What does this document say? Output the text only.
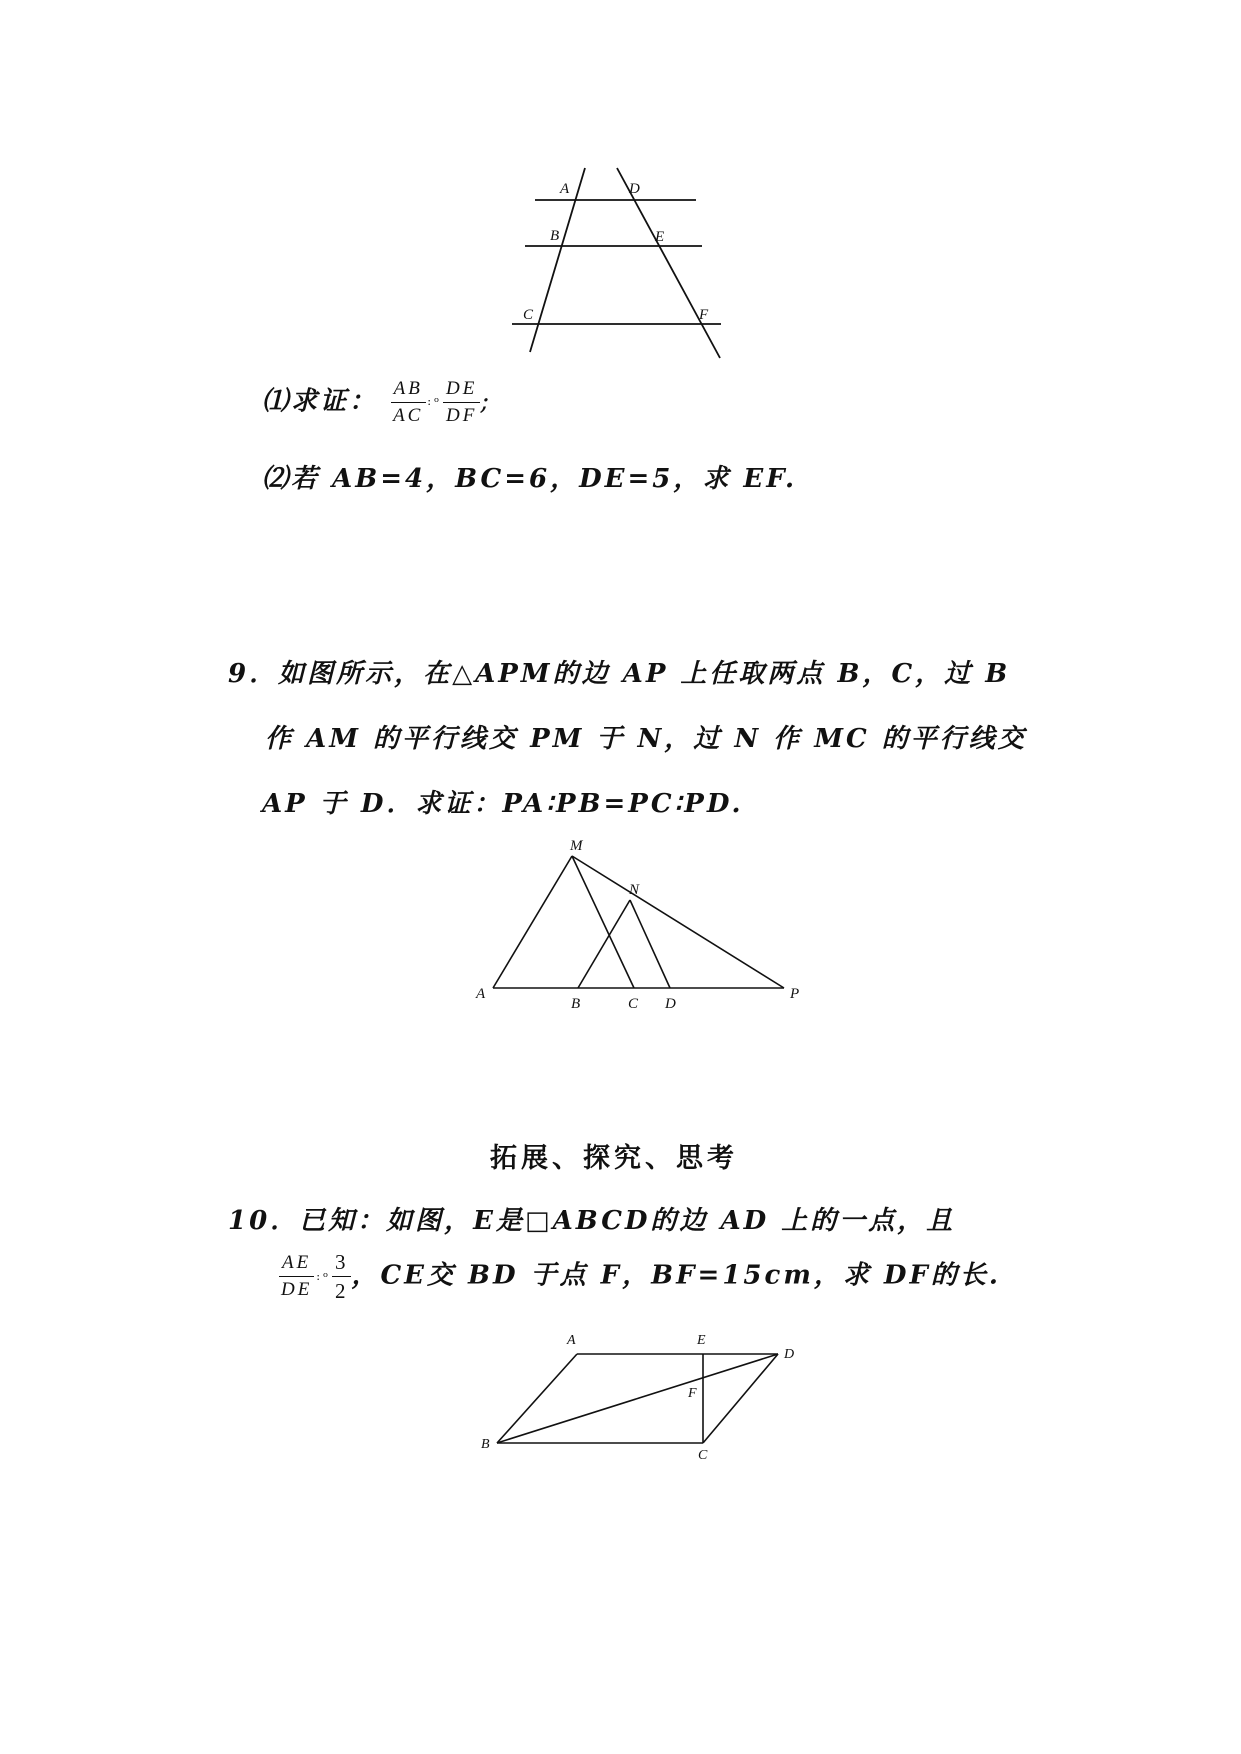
A	D
B	E
C	F
⑴求证： $\frac{AB}{AC}$ ꞉ᵒ $\frac{DE}{DF}$ ;
⑵若 AB=4，BC=6，DE=5，求 EF.
9．如图所示，在△APM的边 AP 上任取两点 B，C，过 B
作 AM 的平行线交 PM 于 N，过 N 作 MC 的平行线交
AP 于 D．求证：PA∶PB=PC∶PD.
M
N
A
B	C D
P
拓展、探究、思考
10．已知：如图，E是□ABCD的边 AD 上的一点，且
$\frac{AE}{DE}$ ꞉ᵒ $\frac{3}{2}$ ，CE交 BD 于点 F，BF=15cm，求 DF的长.
A	E
D
F
B
C
